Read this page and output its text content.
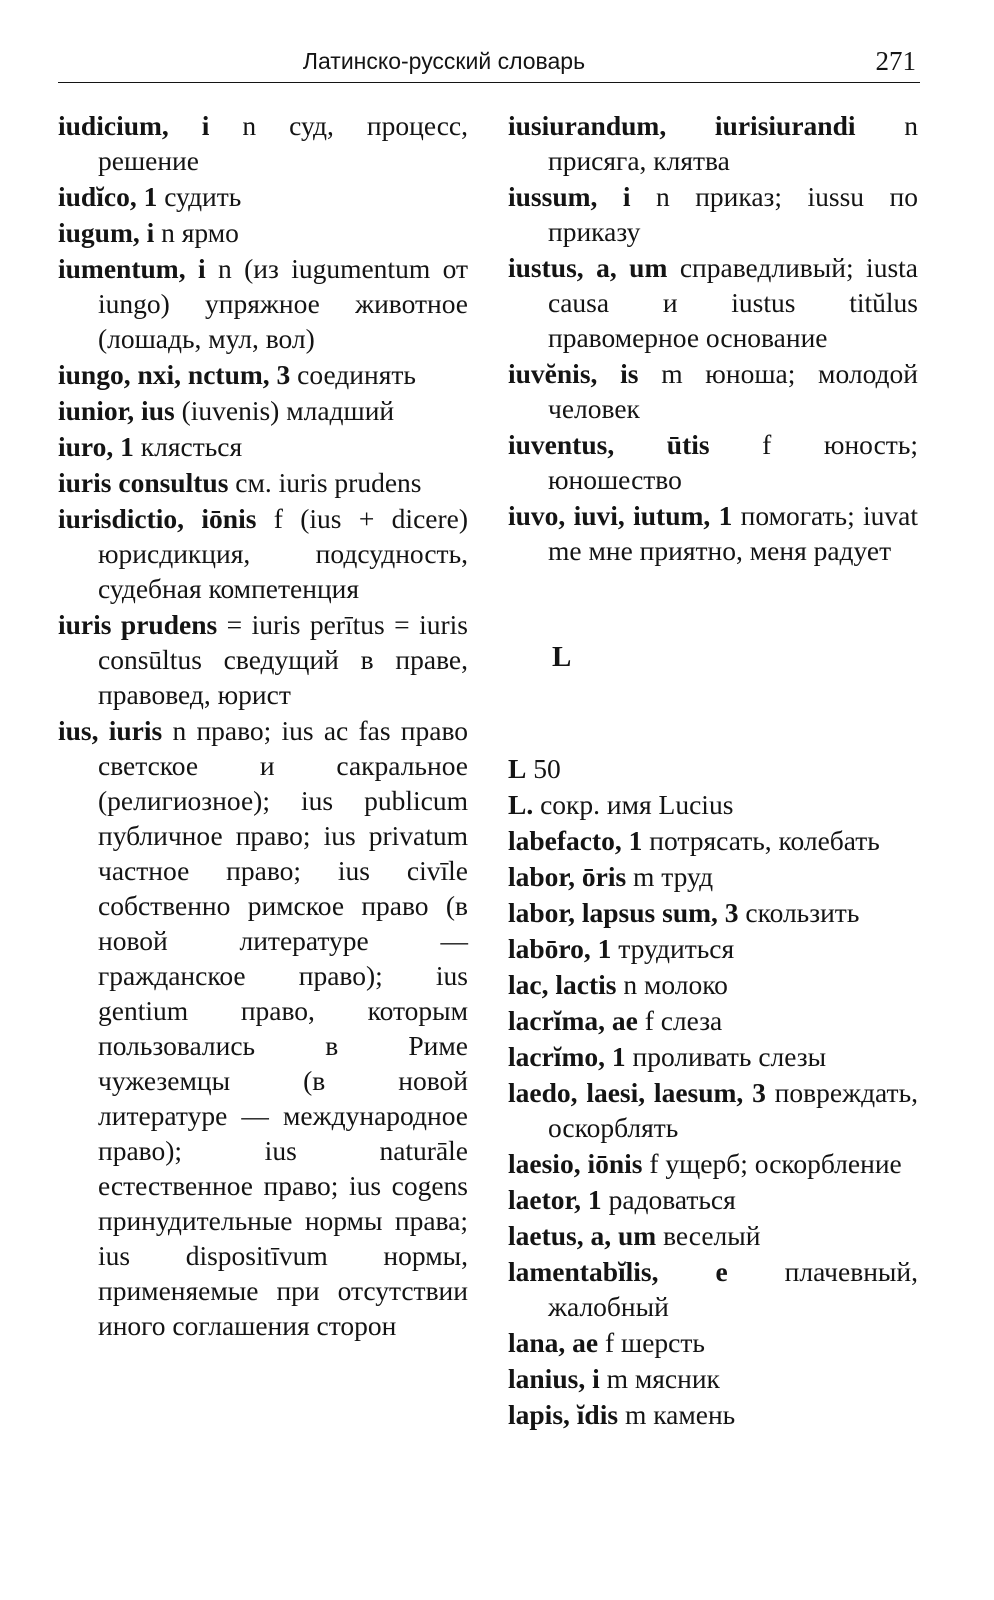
Латинско-русский словарь	271

iudicium, i n суд, процесс, решение

iudĭco, 1 судить

iugum, i n ярмо

iumentum, i n (из iugumentum от iungo) упряжное животное (лошадь, мул, вол)

iungo, nxi, nctum, 3 соединять

iunior, ius (iuvenis) младший

iuro, 1 клясться

iuris consultus см. iuris prudens

iurisdictio, iōnis f (ius + dicere) юрисдикция, подсудность, судебная компетенция

iuris prudens = iuris perītus = iuris consūltus сведущий в праве, правовед, юрист

ius, iuris n право; ius ac fas право светское и сакральное (религиозное); ius publicum публичное право; ius privatum частное право; ius civīle собственно римское право (в новой литературе — гражданское право); ius gentium право, которым пользовались в Риме чужеземцы (в новой литературе — международное право); ius naturāle естественное право; ius cogens принудительные нормы права; ius dispositīvum нормы, применяемые при отсутствии иного соглашения сторон

iusiurandum, iurisiurandi n присяга, клятва

iussum, i n приказ; iussu по приказу

iustus, a, um справедливый; iusta causa и iustus titŭlus правомерное основание

iuvĕnis, is m юноша; молодой человек

iuventus, ūtis f юность; юношество

iuvo, iuvi, iutum, 1 помогать; iuvat me мне приятно, меня радует

L

L 50

L. сокр. имя Lucius

labefacto, 1 потрясать, колебать

labor, ōris m труд

labor, lapsus sum, 3 скользить

labōro, 1 трудиться

lac, lactis n молоко

lacrĭma, ae f слеза

lacrĭmo, 1 проливать слезы

laedo, laesi, laesum, 3 повреждать, оскорблять

laesio, iōnis f ущерб; оскорбление

laetor, 1 радоваться

laetus, a, um веселый

lamentabĭlis, e плачевный, жалобный

lana, ae f шерсть

lanius, i m мясник

lapis, ĭdis m камень
